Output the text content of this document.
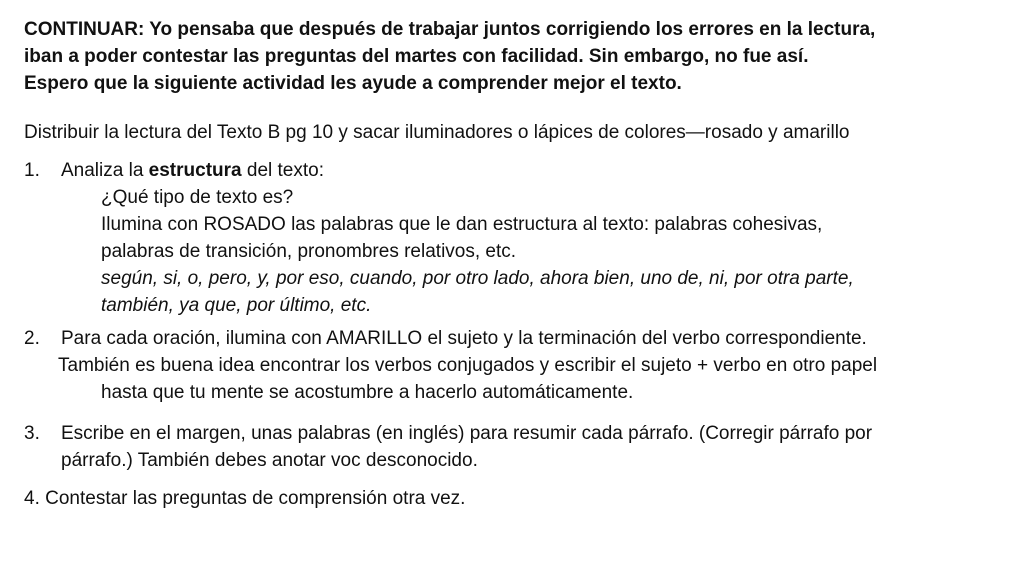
CONTINUAR: Yo pensaba que después de trabajar juntos corrigiendo los errores en la lectura,
iban a poder contestar las preguntas del martes con facilidad. Sin embargo, no fue así.
Espero que la siguiente actividad les ayude a comprender mejor el texto.

Distribuir la lectura del Texto B pg 10 y sacar iluminadores o lápices de colores—rosado y amarillo
1. Analiza la estructura del texto:
¿Qué tipo de texto es?
Ilumina con ROSADO las palabras que le dan estructura al texto: palabras cohesivas,
palabras de transición, pronombres relativos, etc.
según, si, o, pero, y, por eso, cuando, por otro lado, ahora bien, uno de, ni, por otra parte,
también, ya que, por último, etc.
2. Para cada oración, ilumina con AMARILLO el sujeto y la terminación del verbo correspondiente.
También es buena idea encontrar los verbos conjugados y escribir el sujeto + verbo en otro papel
hasta que tu mente se acostumbre a hacerlo automáticamente.
3. Escribe en el margen, unas palabras (en inglés) para resumir cada párrafo. (Corregir párrafo por
párrafo.) También debes anotar voc desconocido.
4. Contestar las preguntas de comprensión otra vez.
